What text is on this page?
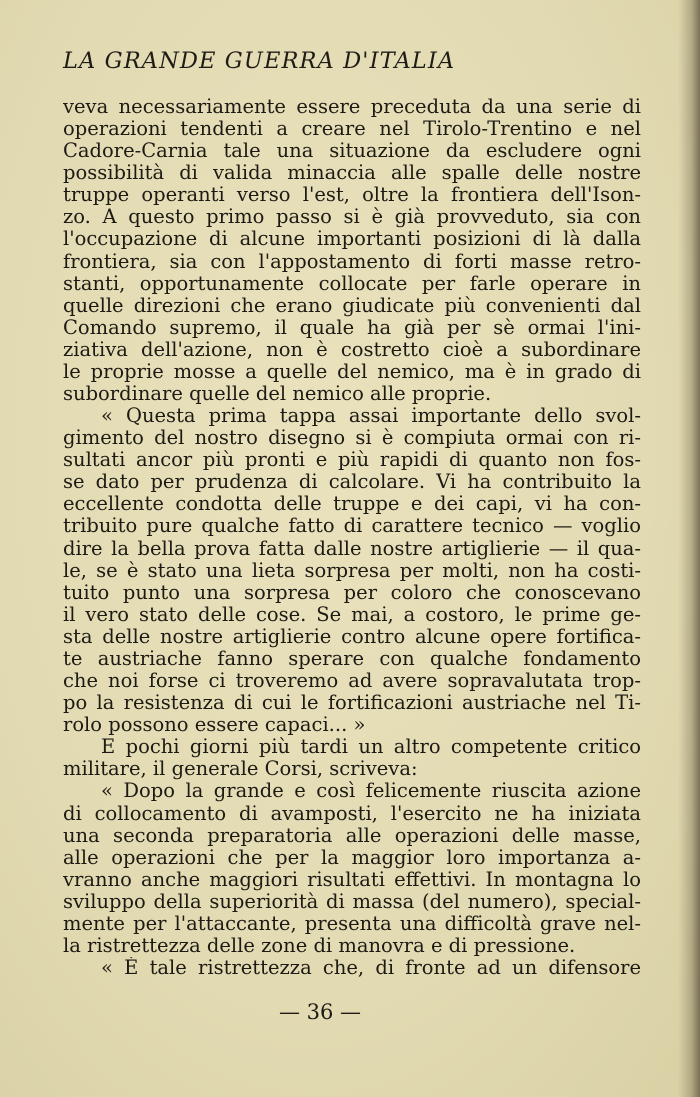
LA GRANDE GUERRA D'ITALIA
veva necessariamente essere preceduta da una serie di
operazioni tendenti a creare nel Tirolo-Trentino e nel
Cadore-Carnia tale una situazione da escludere ogni
possibilità di valida minaccia alle spalle delle nostre
truppe operanti verso l'est, oltre la frontiera dell'Ison-
zo. A questo primo passo si è già provveduto, sia con
l'occupazione di alcune importanti posizioni di là dalla
frontiera, sia con l'appostamento di forti masse retro-
stanti, opportunamente collocate per farle operare in
quelle direzioni che erano giudicate più convenienti dal
Comando supremo, il quale ha già per sè ormai l'ini-
ziativa dell'azione, non è costretto cioè a subordinare
le proprie mosse a quelle del nemico, ma è in grado di
subordinare quelle del nemico alle proprie.
« Questa prima tappa assai importante dello svol-
gimento del nostro disegno si è compiuta ormai con ri-
sultati ancor più pronti e più rapidi di quanto non fos-
se dato per prudenza di calcolare. Vi ha contribuito la
eccellente condotta delle truppe e dei capi, vi ha con-
tribuito pure qualche fatto di carattere tecnico — voglio
dire la bella prova fatta dalle nostre artiglierie — il qua-
le, se è stato una lieta sorpresa per molti, non ha costi-
tuito punto una sorpresa per coloro che conoscevano
il vero stato delle cose. Se mai, a costoro, le prime ge-
sta delle nostre artiglierie contro alcune opere fortifica-
te austriache fanno sperare con qualche fondamento
che noi forse ci troveremo ad avere sopravalutata trop-
po la resistenza di cui le fortificazioni austriache nel Ti-
rolo possono essere capaci... »
E pochi giorni più tardi un altro competente critico
militare, il generale Corsi, scriveva:
« Dopo la grande e così felicemente riuscita azione
di collocamento di avamposti, l'esercito ne ha iniziata
una seconda preparatoria alle operazioni delle masse,
alle operazioni che per la maggior loro importanza a-
vranno anche maggiori risultati effettivi. In montagna lo
sviluppo della superiorità di massa (del numero), special-
mente per l'attaccante, presenta una difficoltà grave nel-
la ristrettezza delle zone di manovra e di pressione.
« È tale ristrettezza che, di fronte ad un difensore
— 36 —
